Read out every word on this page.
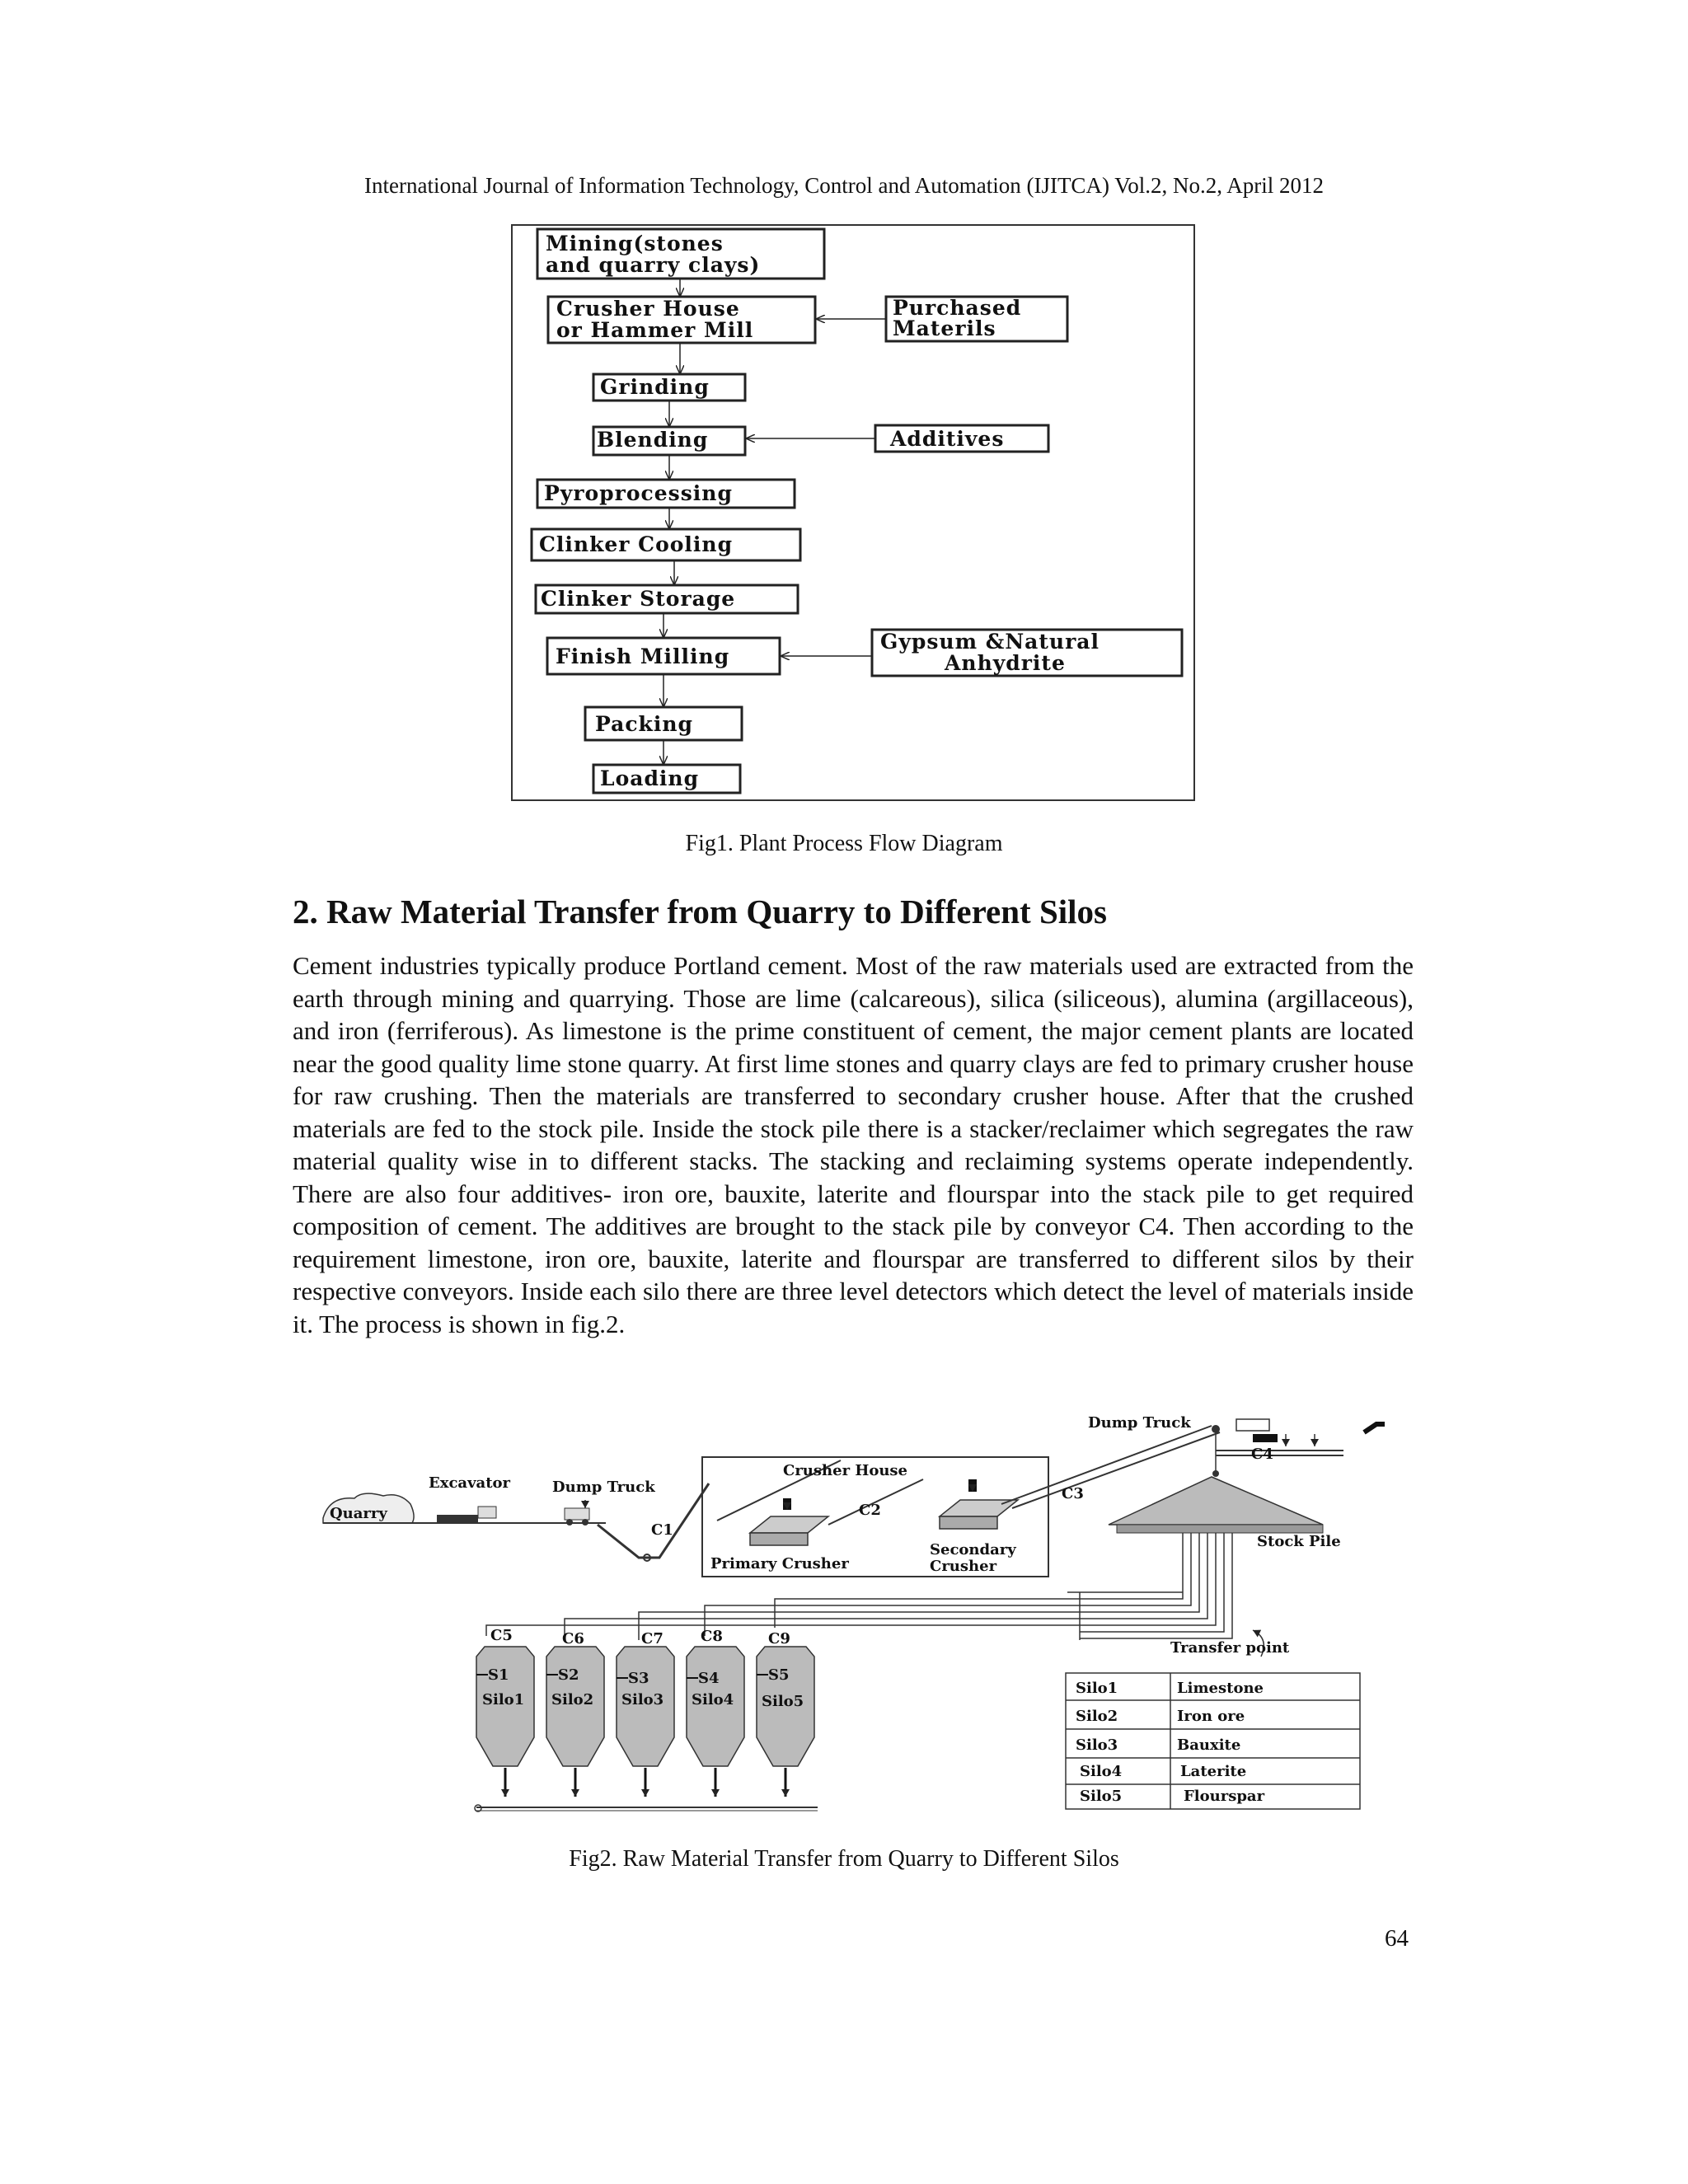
International Journal of Information Technology, Control and Automation (IJITCA) Vol.2, No.2, April 2012
Mining(stones
and quarry clays)
Crusher House
or Hammer Mill
Purchased
Materils
Grinding
Blending	Additives
Pyroprocessing
Clinker Cooling
Clinker Storage
Finish Milling
Gypsum &Natural
Anhydrite
Packing
Loading
Fig1. Plant Process Flow Diagram
2. Raw Material Transfer from Quarry to Different Silos

Cement industries typically produce Portland cement. Most of the raw materials used are extracted from the earth through mining and quarrying. Those are lime (calcareous), silica (siliceous), alumina (argillaceous), and iron (ferriferous). As limestone is the prime constituent of cement, the major cement plants are located near the good quality lime stone quarry. At first lime stones and quarry clays are fed to primary crusher house for raw crushing. Then the materials are transferred to secondary crusher house. After that the crushed materials are fed to the stock pile. Inside the stock pile there is a stacker/reclaimer which segregates the raw material quality wise in to different stacks. The stacking and reclaiming systems operate independently. There are also four additives- iron ore, bauxite, laterite and flourspar into the stack pile to get required composition of cement. The additives are brought to the stack pile by conveyor C4. Then according to the requirement limestone, iron ore, bauxite, laterite and flourspar are transferred to different silos by their respective conveyors. Inside each silo there are three level detectors which detect the level of materials inside it. The process is shown in fig.2.

Quarry
Excavator	Dump Truck
C1
Crusher House
C2
Primary Crusher
Secondary
Crusher
C3
Dump Truck
C4
Stock Pile
Transfer point
C5	C6	C7	C8	C9
S1
Silo1
S2
Silo2
S3
Silo3
S4
Silo4
S5
Silo5
Silo1	Limestone
Silo2	Iron ore
Silo3	Bauxite
Silo4	Laterite
Silo5	Flourspar
Fig2. Raw Material Transfer from Quarry to Different Silos
64
